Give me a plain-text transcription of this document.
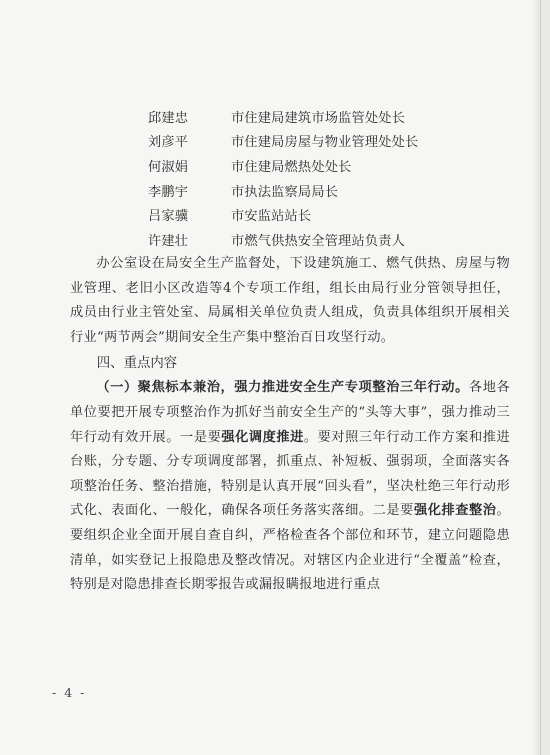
邱建忠	市住建局建筑市场监管处处长
刘彦平	市住建局房屋与物业管理处处长
何淑娟	市住建局燃热处处长
李鹏宇	市执法监察局局长
吕家骥	市安监站站长
许建壮	市燃气供热安全管理站负责人

办公室设在局安全生产监督处，下设建筑施工、燃气供热、房屋与物业管理、老旧小区改造等4个专项工作组，组长由局行业分管领导担任，成员由行业主管处室、局属相关单位负责人组成，负责具体组织开展相关行业“两节两会”期间安全生产集中整治百日攻坚行动。

四、重点内容

（一）聚焦标本兼治，强力推进安全生产专项整治三年行动。各地各单位要把开展专项整治作为抓好当前安全生产的“头等大事”，强力推动三年行动有效开展。一是要强化调度推进。要对照三年行动工作方案和推进台账，分专题、分专项调度部署，抓重点、补短板、强弱项，全面落实各项整治任务、整治措施，特别是认真开展“回头看”，坚决杜绝三年行动形式化、表面化、一般化，确保各项任务落实落细。二是要强化排查整治。要组织企业全面开展自查自纠，严格检查各个部位和环节，建立问题隐患清单，如实登记上报隐患及整改情况。对辖区内企业进行“全覆盖”检查，特别是对隐患排查长期零报告或漏报瞒报地进行重点

- 4 -
